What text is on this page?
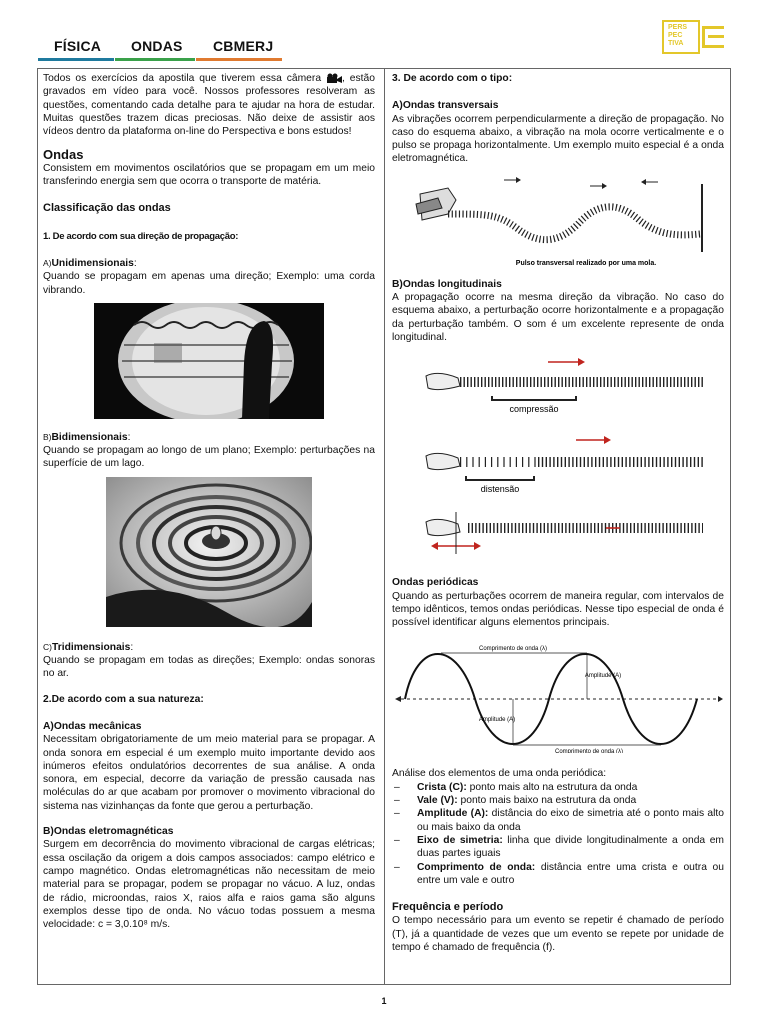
FÍSICA ONDAS CBMERJ
PERS
PEC
TIVA

Todos os exercícios da apostila que tiverem essa câmera , estão gravados em vídeo para você. Nossos professores resolveram as questões, comentando cada detalhe para te ajudar na hora de estudar. Muitas questões trazem dicas preciosas. Não deixe de assistir aos vídeos dentro da plataforma on-line do Perspectiva e bons estudos!

Ondas

Consistem em movimentos oscilatórios que se propagam em um meio transferindo energia sem que ocorra o transporte de matéria.

Classificação das ondas
1. De acordo com sua direção de propagação:
A)Unidimensionais:

Quando se propagam em apenas uma direção; Exemplo: uma corda vibrando.

B)Bidimensionais:

Quando se propagam ao longo de um plano; Exemplo: perturbações na superfície de um lago.

C)Tridimensionais:

Quando se propagam em todas as direções; Exemplo: ondas sonoras no ar.

2.De acordo com a sua natureza:
A)Ondas mecânicas

Necessitam obrigatoriamente de um meio material para se propagar. A onda sonora em especial é um exemplo muito importante devido aos inúmeros efeitos ondulatórios decorrentes de sua análise. A onda sonora, em especial, decorre da variação de pressão causada nas moléculas do ar que acabam por promover o movimento vibracional do sistema nas vizinhanças da fonte que gerou a perturbação.

B)Ondas eletromagnéticas

Surgem em decorrência do movimento vibracional de cargas elétricas; essa oscilação da origem a dois campos associados: campo elétrico e campo magnético. Ondas eletromagnéticas não necessitam de meio material para se propagar, podem se propagar no vácuo. A luz, ondas de rádio, microondas, raios X, raios alfa e raios gama são alguns exemplos desse tipo de onda. No vácuo todas possuem a mesma velocidade: c = 3,0.10⁸ m/s.

3. De acordo com o tipo:
A)Ondas transversais

As vibrações ocorrem perpendicularmente a direção de propagação. No caso do esquema abaixo, a vibração na mola ocorre verticalmente e o pulso se propaga horizontalmente. Um exemplo muito especial é a onda eletromagnética.

Pulso transversal realizado por uma mola.
B)Ondas longitudinais

A propagação ocorre na mesma direção da vibração. No caso do esquema abaixo, a perturbação ocorre horizontalmente e a propagação da perturbação também. O som é um excelente represente de onda longitudinal.

compressão
distensão
Ondas periódicas

Quando as perturbações ocorrem de maneira regular, com intervalos de tempo idênticos, temos ondas periódicas. Nesse tipo especial de onda é possível identificar alguns elementos principais.

Comprimento de onda (λ)
Amplitude (A)
Amplitude (A)
Comprimento de onda (λ)

Análise dos elementos de uma onda periódica:

– Crista (C): ponto mais alto na estrutura da onda
– Vale (V): ponto mais baixo na estrutura da onda
– Amplitude (A): distância do eixo de simetria até o ponto mais alto ou mais baixo da onda
– Eixo de simetria: linha que divide longitudinalmente a onda em duas partes iguais
– Comprimento de onda: distância entre uma crista e outra ou entre um vale e outro
Frequência e período

O tempo necessário para um evento se repetir é chamado de período (T), já a quantidade de vezes que um evento se repete por unidade de tempo é chamado de frequência (f).

1
